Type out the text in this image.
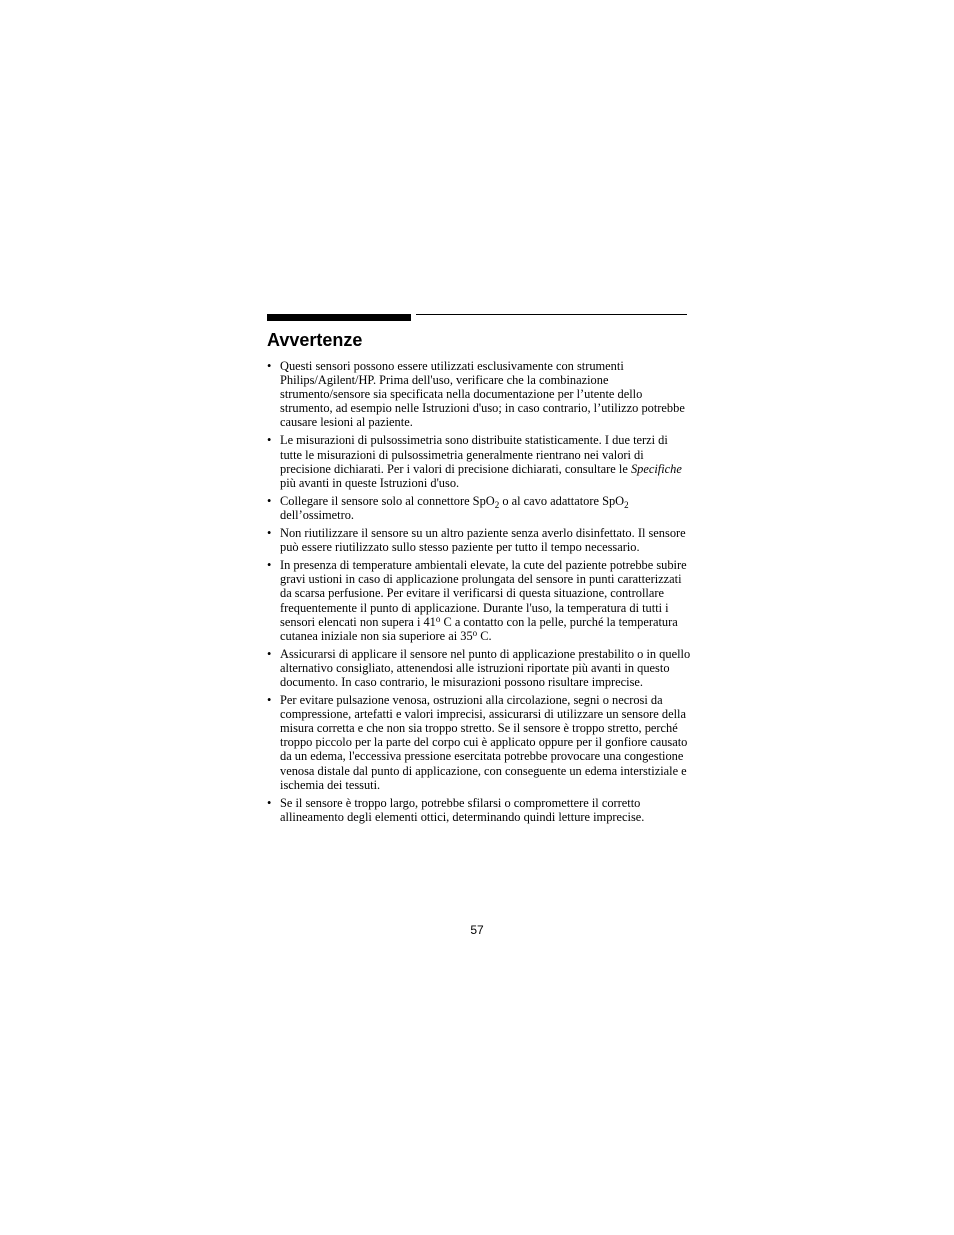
Avvertenze
• Questi sensori possono essere utilizzati esclusivamente con strumenti Philips/Agilent/HP. Prima dell'uso, verificare che la combinazione strumento/sensore sia specificata nella documentazione per l’utente dello strumento, ad esempio nelle Istruzioni d'uso; in caso contrario, l’utilizzo potrebbe causare lesioni al paziente.
• Le misurazioni di pulsossimetria sono distribuite statisticamente. I due terzi di tutte le misurazioni di pulsossimetria generalmente rientrano nei valori di precisione dichiarati. Per i valori di precisione dichiarati, consultare le Specifiche più avanti in queste Istruzioni d'uso.
• Collegare il sensore solo al connettore SpO$_2$ o al cavo adattatore SpO$_2$ dell’ossimetro.
• Non riutilizzare il sensore su un altro paziente senza averlo disinfettato. Il sensore può essere riutilizzato sullo stesso paziente per tutto il tempo necessario.
• In presenza di temperature ambientali elevate, la cute del paziente potrebbe subire gravi ustioni in caso di applicazione prolungata del sensore in punti caratterizzati da scarsa perfusione. Per evitare il verificarsi di questa situazione, controllare frequentemente il punto di applicazione. Durante l'uso, la temperatura di tutti i sensori elencati non supera i 41$^o$ C a contatto con la pelle, purché la temperatura cutanea iniziale non sia superiore ai 35$^o$ C.
• Assicurarsi di applicare il sensore nel punto di applicazione prestabilito o in quello alternativo consigliato, attenendosi alle istruzioni riportate più avanti in questo documento. In caso contrario, le misurazioni possono risultare imprecise.
• Per evitare pulsazione venosa, ostruzioni alla circolazione, segni o necrosi da compressione, artefatti e valori imprecisi, assicurarsi di utilizzare un sensore della misura corretta e che non sia troppo stretto. Se il sensore è troppo stretto, perché troppo piccolo per la parte del corpo cui è applicato oppure per il gonfiore causato da un edema, l'eccessiva pressione esercitata potrebbe provocare una congestione venosa distale dal punto di applicazione, con conseguente un edema interstiziale e ischemia dei tessuti.
• Se il sensore è troppo largo, potrebbe sfilarsi o compromettere il corretto allineamento degli elementi ottici, determinando quindi letture imprecise.
57
